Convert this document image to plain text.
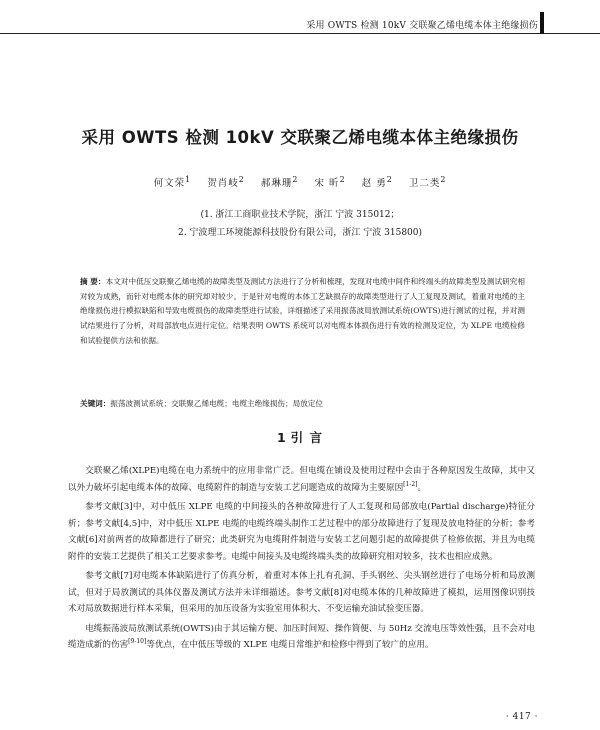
采用 OWTS 检测 10kV 交联聚乙烯电缆本体主绝缘损伤
采用 OWTS 检测 10kV 交联聚乙烯电缆本体主绝缘损伤
何文荣$^1$ 贺肖岐$^2$ 郝琳珊$^2$ 宋 昕$^2$ 赵 勇$^2$ 卫二类$^2$
(1. 浙江工商职业技术学院，浙江 宁波 315012；
2. 宁波理工环境能源科技股份有限公司，浙江 宁波 315800)
摘 要：本文对中低压交联聚乙烯电缆的故障类型及测试方法进行了分析和梳理，发现对电缆中间件和终端头的故障类型及测试研究相对较为成熟，而针对电缆本体的研究却对较少。于是针对电缆的本体工艺缺损存的故障类型进行了人工复现及测试，着重对电缆的主绝缘损伤进行模拟缺陷和导致电缆损伤的故障类型进行试验，详细描述了采用振荡波局放测试系统(OWTS)进行测试的过程，并对测试结果进行了分析，对局部放电点进行定位。结果表明 OWTS 系统可以对电缆本体损伤进行有效的检测及定位，为 XLPE 电缆检修和试验提供方法和依据。
关键词：振荡波测试系统；交联聚乙烯电缆；电缆主绝缘损伤；局放定位
1 引 言

交联聚乙烯(XLPE)电缆在电力系统中的应用非常广泛。但电缆在铺设及使用过程中会由于各种原因发生故障，其中又以外力破坏引起电缆本体的故障、电缆附件的制造与安装工艺问题造成的故障为主要原因[1-2]。

参考文献[3]中，对中低压 XLPE 电缆的中间接头的各种故障进行了人工复现和局部放电(Partial discharge)特征分析；参考文献[4,5]中，对中低压 XLPE 电缆的电缆终端头制作工艺过程中的部分故障进行了复现及放电特征的分析；参考文献[6]对前两者的故障都进行了研究；此类研究为电缆附件制造与安装工艺问题引起的故障提供了检修依据，并且为电缆附件的安装工艺提供了相关工艺要求参考。电缆中间接头及电缆终端头类的故障研究相对较多，技术也相应成熟。

参考文献[7]对电缆本体缺陷进行了仿真分析，着重对本体上扎有孔洞、手头钢丝、尖头钢丝进行了电场分析和局放测试，但对于局放测试的具体仪器及测试方法并未详细描述。参考文献[8]对电缆本体的几种故障进了模拟，运用图像识别技术对局放数据进行样本采集，但采用的加压设备为实验室用体积大、不变运输充油试验变压器。

电缆振荡波局放测试系统(OWTS)由于其运输方便、加压时间短、操作简便、与 50Hz 交流电压等效性强，且不会对电缆造成新的伤害[9-10]等优点，在中低压等级的 XLPE 电缆日常维护和检修中得到了较广的应用。

· 417 ·
